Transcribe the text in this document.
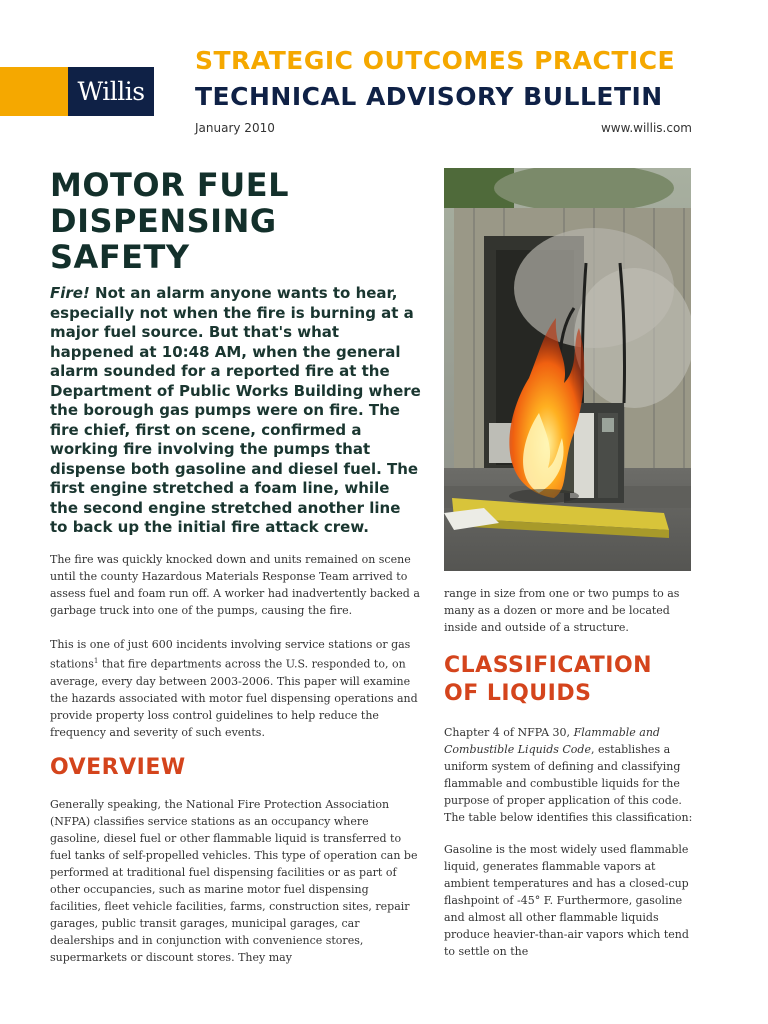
Willis
STRATEGIC OUTCOMES PRACTICE
TECHNICAL ADVISORY BULLETIN
January 2010	www.willis.com
MOTOR FUEL DISPENSING SAFETY

Fire! Not an alarm anyone wants to hear, especially not when the fire is burning at a major fuel source. But that's what happened at 10:48 AM, when the general alarm sounded for a reported fire at the Department of Public Works Building where the borough gas pumps were on fire. The fire chief, first on scene, confirmed a working fire involving the pumps that dispense both gasoline and diesel fuel. The first engine stretched a foam line, while the second engine stretched another line to back up the initial fire attack crew.

The fire was quickly knocked down and units remained on scene until the county Hazardous Materials Response Team arrived to assess fuel and foam run off. A worker had inadvertently backed a garbage truck into one of the pumps, causing the fire.

This is one of just 600 incidents involving service stations or gas stations$^1$ that fire departments across the U.S. responded to, on average, every day between 2003-2006. This paper will examine the hazards associated with motor fuel dispensing operations and provide property loss control guidelines to help reduce the frequency and severity of such events.

OVERVIEW

Generally speaking, the National Fire Protection Association (NFPA) classifies service stations as an occupancy where gasoline, diesel fuel or other flammable liquid is transferred to fuel tanks of self-propelled vehicles. This type of operation can be performed at traditional fuel dispensing facilities or as part of other occupancies, such as marine motor fuel dispensing facilities, fleet vehicle facilities, farms, construction sites, repair garages, public transit garages, municipal garages, car dealerships and in conjunction with convenience stores, supermarkets or discount stores. They may

range in size from one or two pumps to as many as a dozen or more and be located inside and outside of a structure.

CLASSIFICATION OF LIQUIDS

Chapter 4 of NFPA 30, Flammable and Combustible Liquids Code, establishes a uniform system of defining and classifying flammable and combustible liquids for the purpose of proper application of this code. The table below identifies this classification:

Gasoline is the most widely used flammable liquid, generates flammable vapors at ambient temperatures and has a closed-cup flashpoint of -45° F. Furthermore, gasoline and almost all other flammable liquids produce heavier-than-air vapors which tend to settle on the
